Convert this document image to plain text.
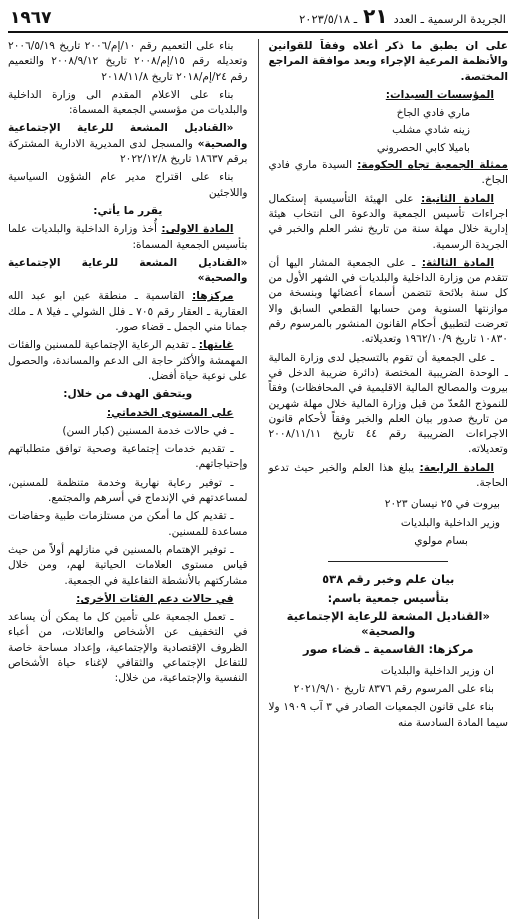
الجريدة الرسمية ـ العدد
٢١
ـ ٢٠٢٣/٥/١٨
١٩٦٧

على ان يطبق ما ذكر أعلاه وفقاً للقوانين والأنظمة المرعية الإجراء وبعد موافقة المراجع المختصة.

المؤسسات السيدات:

ماري فادي الجاخ

زينه شادي مشلب

باميلا كابي الحصروني

ممثلة الجمعية تجاه الحكومة: السيدة ماري فادي الجاخ.

المادة الثانية: على الهيئة التأسيسية إستكمال اجراءات تأسيس الجمعية والدعوة الى انتخاب هيئة إدارية خلال مهلة سنة من تاريخ نشر العلم والخبر في الجريدة الرسمية.

المادة الثالثة: ـ على الجمعية المشار اليها أن تتقدم من وزارة الداخلية والبلديات في الشهر الأول من كل سنة بلائحة تتضمن أسماء أعضائها وبنسخة من موازنتها السنوية ومن حسابها القطعي السابق والا تعرضت لتطبيق أحكام القانون المنشور بالمرسوم رقم ١٠٨٣٠ تاريخ ١٩٦٢/١٠/٩ وتعديلاته.

ـ على الجمعية أن تقوم بالتسجيل لدى وزارة المالية ـ الوحدة الضريبية المختصة (دائرة ضريبة الدخل في بيروت والمصالح المالية الاقليمية في المحافظات) وفقاً للنموذج المُعدّ من قبل وزارة المالية خلال مهلة شهرين من تاريخ صدور بيان العلم والخبر وفقاً لأحكام قانون الاجراءات الضريبية رقم ٤٤ تاريخ ٢٠٠٨/١١/١١ وتعديلاته.

المادة الرابعة: يبلغ هذا العلم والخبر حيث تدعو الحاجة.

بيروت في ٢٥ نيسان ٢٠٢٣

وزير الداخلية والبلديات

بسام مولوي

بيان علم وخبر رقم ٥٣٨

بتأسيس جمعية باسم:

«القناديل المشعة للرعاية الإجتماعية والصحية»

مركزها: القاسمية ـ قضاء صور

ان وزير الداخلية والبلديات

بناء على المرسوم رقم ٨٣٧٦ تاريخ ٢٠٢١/٩/١٠

بناء على قانون الجمعيات الصادر في ٣ آب ١٩٠٩ ولا سيما المادة السادسة منه

بناء على التعميم رقم ١٠/إم/٢٠٠٦ تاريخ ٢٠٠٦/٥/١٩ وتعديله رقم ١٥/إم/٢٠٠٨ تاريخ ٢٠٠٨/٩/١٢ والتعميم رقم ٢٤/إم/٢٠١٨ تاريخ ٢٠١٨/١١/٨

بناء على الاعلام المقدم الى وزارة الداخلية والبلديات من مؤسسي الجمعية المسماة:

«القناديل المشعة للرعاية الإجتماعية والصحية» والمسجل لدى المديرية الادارية المشتركة برقم ١٨٦٣٧ تاريخ ٢٠٢٢/١٢/٨

بناء على اقتراح مدير عام الشؤون السياسية واللاجئين

يقرر ما يأتي:

المادة الاولى: أُخذ وزارة الداخلية والبلديات علما بتأسيس الجمعية المسماة:

«القناديل المشعة للرعاية الإجتماعية والصحية»

مركزها: القاسمية ـ منطقة عين ابو عبد الله العقارية ـ العقار رقم ٧٠٥ ـ فلل الشولي ـ فيلا ٨ ـ ملك جمانا مني الجمل ـ قضاء صور.

غايتها: ـ تقديم الرعاية الإجتماعية للمسنين والفئات المهمشة والأكثر حاجة الى الدعم والمساندة، والحصول على نوعية حياة أفضل.

ويتحقق الهدف من خلال:

على المستوى الخدماتي:

ـ في حالات خدمة المسنين (كبار السن)

ـ تقديم خدمات إجتماعية وصحية توافق متطلباتهم وإحتياجاتهم.

ـ توفير رعاية نهارية وخدمة متنظمة للمسنين، لمساعدتهم في الإندماج في أسرهم والمجتمع.

ـ تقديم كل ما أمكن من مستلزمات طبية وحفاضات مساعدة للمسنين.

ـ توفير الإهتمام بالمسنين في منازلهم أولاً من حيث قياس مستوى العلامات الحياتية لهم، ومن خلال مشاركتهم بالأنشطة التفاعلية في الجمعية.

في حالات دعم الفئات الأخرى:

ـ تعمل الجمعية على تأمين كل ما يمكن أن يساعد في التخفيف عن الأشخاص والعائلات، من أعباء الظروف الإقتصادية والإجتماعية، وإعداد مساحة خاصة للتفاعل الإجتماعي والثقافي لإغناء حياة الأشخاص النفسية والإجتماعية، من خلال:
